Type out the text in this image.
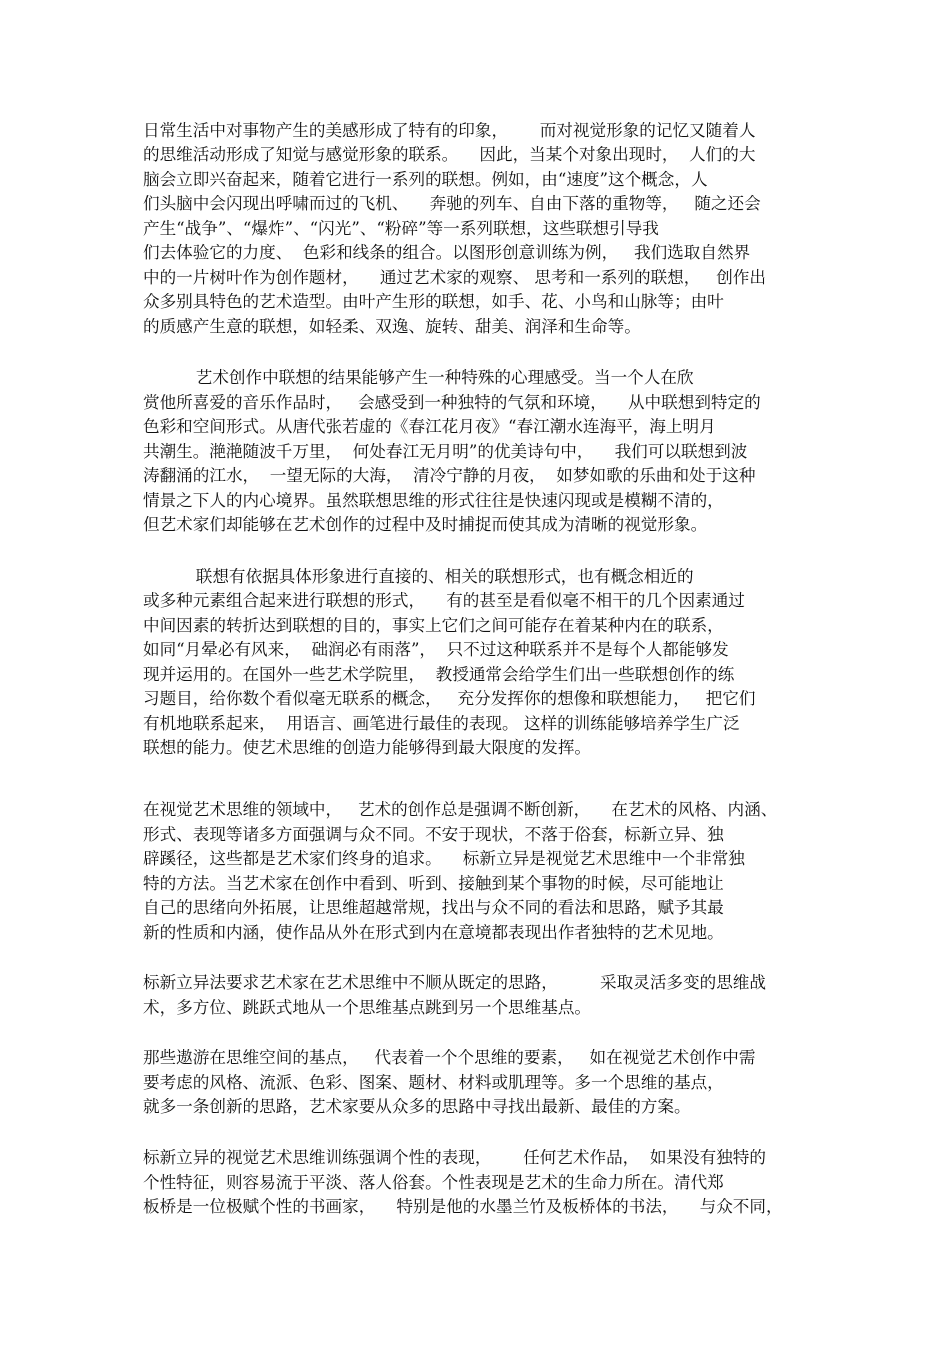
日常生活中对事物产生的美感形成了特有的印象，      而对视觉形象的记忆又随着人
的思维活动形成了知觉与感觉形象的联系。    因此，当某个对象出现时，  人们的大
脑会立即兴奋起来，随着它进行一系列的联想。例如，由“速度”这个概念，人
们头脑中会闪现出呼啸而过的飞机、    奔驰的列车、自由下落的重物等，   随之还会
产生“战争”、“爆炸”、“闪光”、“粉碎”等一系列联想，这些联想引导我
们去体验它的力度、  色彩和线条的组合。以图形创意训练为例，   我们选取自然界
中的一片树叶作为创作题材，    通过艺术家的观察、 思考和一系列的联想，   创作出
众多别具特色的艺术造型。由叶产生形的联想，如手、花、小鸟和山脉等；由叶
的质感产生意的联想，如轻柔、双逸、旋转、甜美、润泽和生命等。
艺术创作中联想的结果能够产生一种特殊的心理感受。当一个人在欣
赏他所喜爱的音乐作品时，   会感受到一种独特的气氛和环境，    从中联想到特定的
色彩和空间形式。从唐代张若虚的《春江花月夜》“春江潮水连海平，海上明月
共潮生。滟滟随波千万里，  何处春江无月明”的优美诗句中，    我们可以联想到波
涛翻涌的江水，  一望无际的大海，  清冷宁静的月夜，  如梦如歌的乐曲和处于这种
情景之下人的内心境界。虽然联想思维的形式往往是快速闪现或是模糊不清的，
但艺术家们却能够在艺术创作的过程中及时捕捉而使其成为清晰的视觉形象。
联想有依据具体形象进行直接的、相关的联想形式，也有概念相近的
或多种元素组合起来进行联想的形式，    有的甚至是看似毫不相干的几个因素通过
中间因素的转折达到联想的目的，事实上它们之间可能存在着某种内在的联系，
如同“月晕必有风来，  础润必有雨落”，  只不过这种联系并不是每个人都能够发
现并运用的。在国外一些艺术学院里，  教授通常会给学生们出一些联想创作的练
习题目，给你数个看似毫无联系的概念，   充分发挥你的想像和联想能力，   把它们
有机地联系起来，  用语言、画笔进行最佳的表现。 这样的训练能够培养学生广泛
联想的能力。使艺术思维的创造力能够得到最大限度的发挥。
在视觉艺术思维的领域中，   艺术的创作总是强调不断创新，    在艺术的风格、内涵、
形式、表现等诸多方面强调与众不同。不安于现状，不落于俗套，标新立异、独
辟蹊径，这些都是艺术家们终身的追求。    标新立异是视觉艺术思维中一个非常独
特的方法。当艺术家在创作中看到、听到、接触到某个事物的时候，尽可能地让
自己的思绪向外拓展，让思维超越常规，找出与众不同的看法和思路，赋予其最
新的性质和内涵，使作品从外在形式到内在意境都表现出作者独特的艺术见地。
标新立异法要求艺术家在艺术思维中不顺从既定的思路，        采取灵活多变的思维战
术，多方位、跳跃式地从一个思维基点跳到另一个思维基点。
那些遨游在思维空间的基点，   代表着一个个思维的要素，   如在视觉艺术创作中需
要考虑的风格、流派、色彩、图案、题材、材料或肌理等。多一个思维的基点，
就多一条创新的思路，艺术家要从众多的思路中寻找出最新、最佳的方案。
标新立异的视觉艺术思维训练强调个性的表现，      任何艺术作品，  如果没有独特的
个性特征，则容易流于平淡、落人俗套。个性表现是艺术的生命力所在。清代郑
板桥是一位极赋个性的书画家，    特别是他的水墨兰竹及板桥体的书法，    与众不同，
